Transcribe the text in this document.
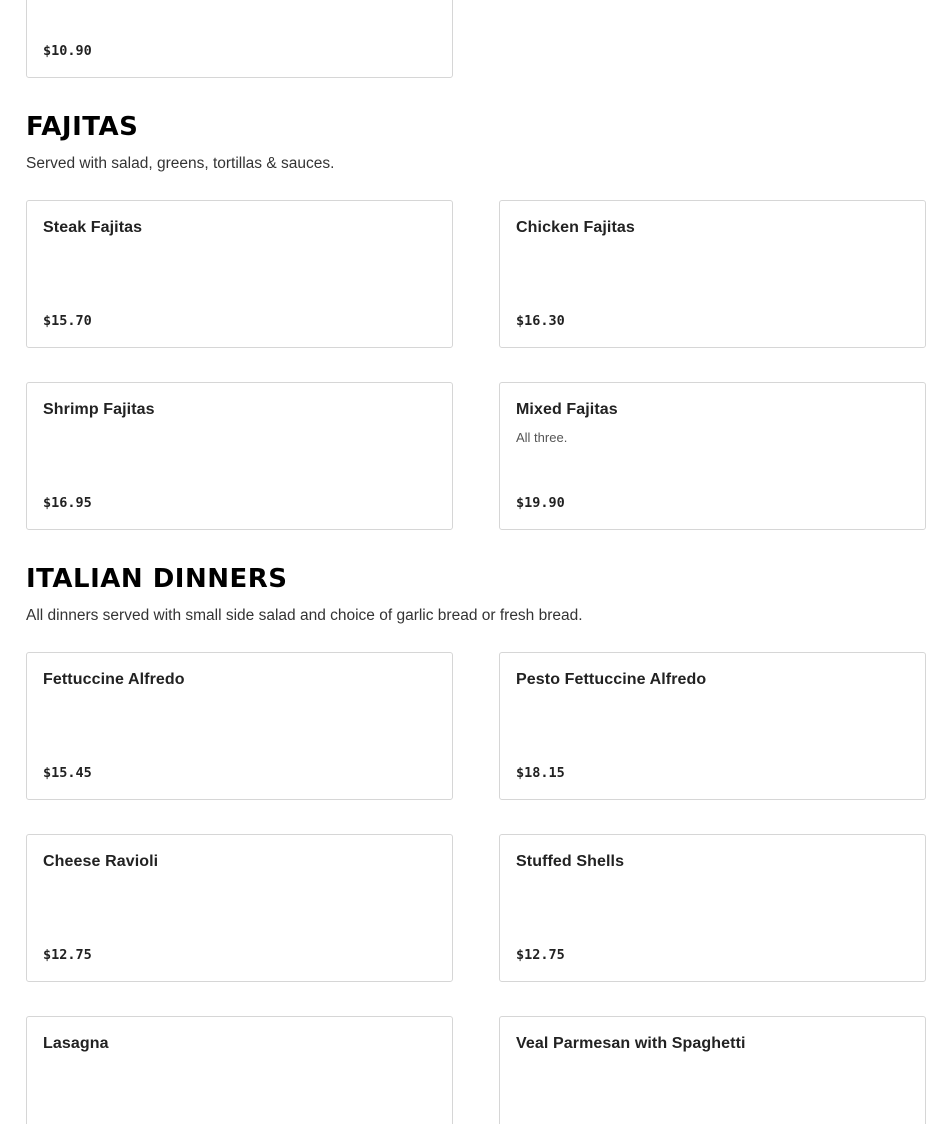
$10.90
FAJITAS

Served with salad, greens, tortillas & sauces.

Steak Fajitas
$15.70
Chicken Fajitas
$16.30
Shrimp Fajitas
$16.95
Mixed Fajitas
All three.
$19.90
ITALIAN DINNERS

All dinners served with small side salad and choice of garlic bread or fresh bread.

Fettuccine Alfredo
$15.45
Pesto Fettuccine Alfredo
$18.15
Cheese Ravioli
$12.75
Stuffed Shells
$12.75
Lasagna	Veal Parmesan with Spaghetti
